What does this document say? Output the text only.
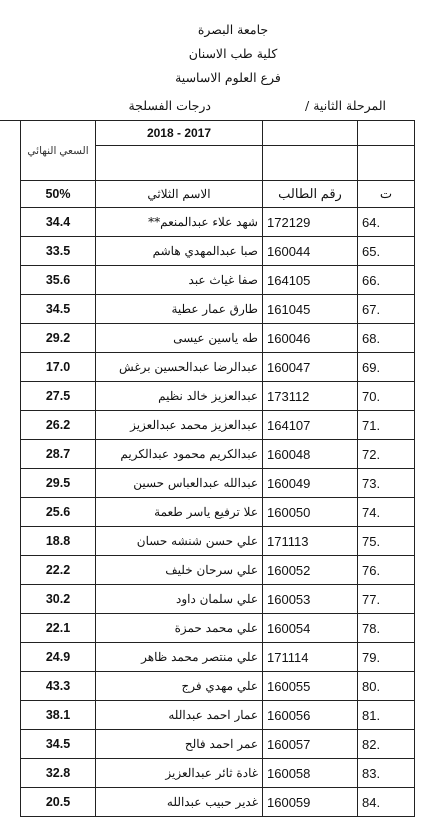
جامعة البصرة
كلية طب الاسنان
فرع العلوم الاساسية
المرحلة الثانية /
درجات الفسلجة
السعي النهائي	2017 - 2018		

50%	الاسم الثلاثي	رقم الطالب	ت
34.4	شهد علاء عبدالمنعم**	172129	64.
33.5	صبا عبدالمهدي هاشم	160044	65.
35.6	صفا غياث عبد	164105	66.
34.5	طارق عمار عطية	161045	67.
29.2	طه ياسين عيسى	160046	68.
17.0	عبدالرضا عبدالحسين برغش	160047	69.
27.5	عبدالعزيز خالد نظيم	173112	70.
26.2	عبدالعزيز محمد عبدالعزيز	164107	71.
28.7	عبدالكريم محمود عبدالكريم	160048	72.
29.5	عبدالله عبدالعباس حسين	160049	73.
25.6	علا ترفيع ياسر طعمة	160050	74.
18.8	علي حسن شنشه حسان	171113	75.
22.2	علي سرحان خليف	160052	76.
30.2	علي سلمان داود	160053	77.
22.1	علي محمد حمزة	160054	78.
24.9	علي منتصر محمد ظاهر	171114	79.
43.3	علي مهدي فرج	160055	80.
38.1	عمار احمد عبدالله	160056	81.
34.5	عمر احمد فالح	160057	82.
32.8	غادة ثائر عبدالعزيز	160058	83.
20.5	غدير حبيب عبدالله	160059	84.
